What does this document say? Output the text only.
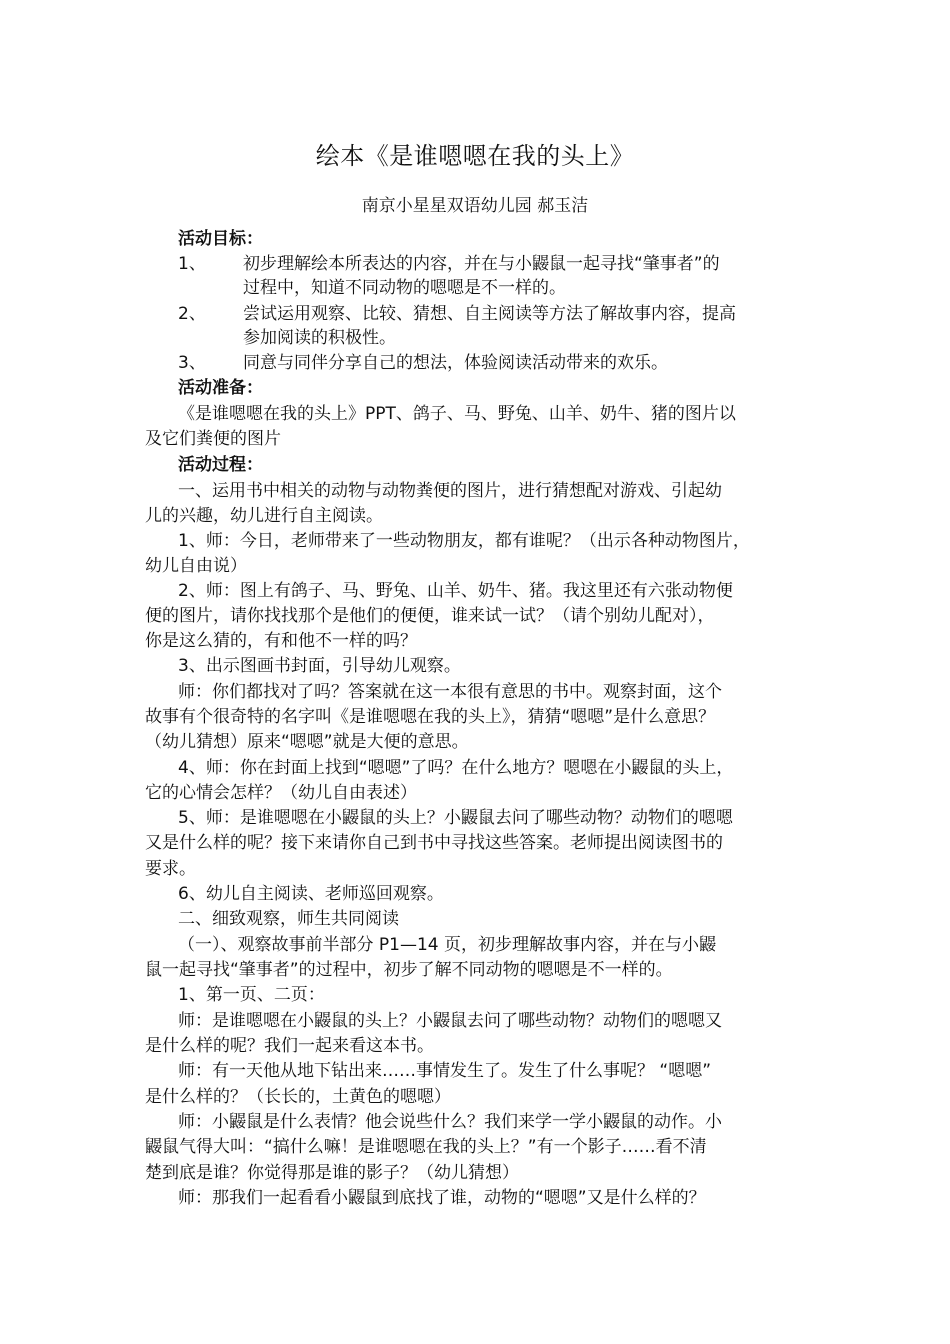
绘本《是谁嗯嗯在我的头上》
南京小星星双语幼儿园 郝玉洁
活动目标：
1、 初步理解绘本所表达的内容，并在与小鼹鼠一起寻找“肇事者”的
过程中，知道不同动物的嗯嗯是不一样的。
2、 尝试运用观察、比较、猜想、自主阅读等方法了解故事内容，提高
参加阅读的积极性。
3、 同意与同伴分享自己的想法，体验阅读活动带来的欢乐。
活动准备：
《是谁嗯嗯在我的头上》PPT、鸽子、马、野兔、山羊、奶牛、猪的图片以
及它们粪便的图片
活动过程：
一、运用书中相关的动物与动物粪便的图片，进行猜想配对游戏、引起幼
儿的兴趣，幼儿进行自主阅读。
1、师：今日，老师带来了一些动物朋友，都有谁呢？（出示各种动物图片，
幼儿自由说）
2、师：图上有鸽子、马、野兔、山羊、奶牛、猪。我这里还有六张动物便
便的图片，请你找找那个是他们的便便，谁来试一试？（请个别幼儿配对），
你是这么猜的，有和他不一样的吗？
3、出示图画书封面，引导幼儿观察。
师：你们都找对了吗？答案就在这一本很有意思的书中。观察封面，这个
故事有个很奇特的名字叫《是谁嗯嗯在我的头上》，猜猜“嗯嗯”是什么意思？
（幼儿猜想）原来“嗯嗯”就是大便的意思。
4、师：你在封面上找到“嗯嗯”了吗？在什么地方？嗯嗯在小鼹鼠的头上，
它的心情会怎样？（幼儿自由表述）
5、师：是谁嗯嗯在小鼹鼠的头上？小鼹鼠去问了哪些动物？动物们的嗯嗯
又是什么样的呢？接下来请你自己到书中寻找这些答案。老师提出阅读图书的
要求。
6、幼儿自主阅读、老师巡回观察。
二、细致观察，师生共同阅读
（一）、观察故事前半部分 P1—14 页，初步理解故事内容，并在与小鼹
鼠一起寻找“肇事者”的过程中，初步了解不同动物的嗯嗯是不一样的。
1、第一页、二页：
师：是谁嗯嗯在小鼹鼠的头上？小鼹鼠去问了哪些动物？动物们的嗯嗯又
是什么样的呢？我们一起来看这本书。
师：有一天他从地下钻出来……事情发生了。发生了什么事呢？ “嗯嗯”
是什么样的？（长长的，土黄色的嗯嗯）
师：小鼹鼠是什么表情？他会说些什么？我们来学一学小鼹鼠的动作。小
鼹鼠气得大叫：“搞什么嘛！是谁嗯嗯在我的头上？”有一个影子……看不清
楚到底是谁？你觉得那是谁的影子？（幼儿猜想）
师：那我们一起看看小鼹鼠到底找了谁，动物的“嗯嗯”又是什么样的？
